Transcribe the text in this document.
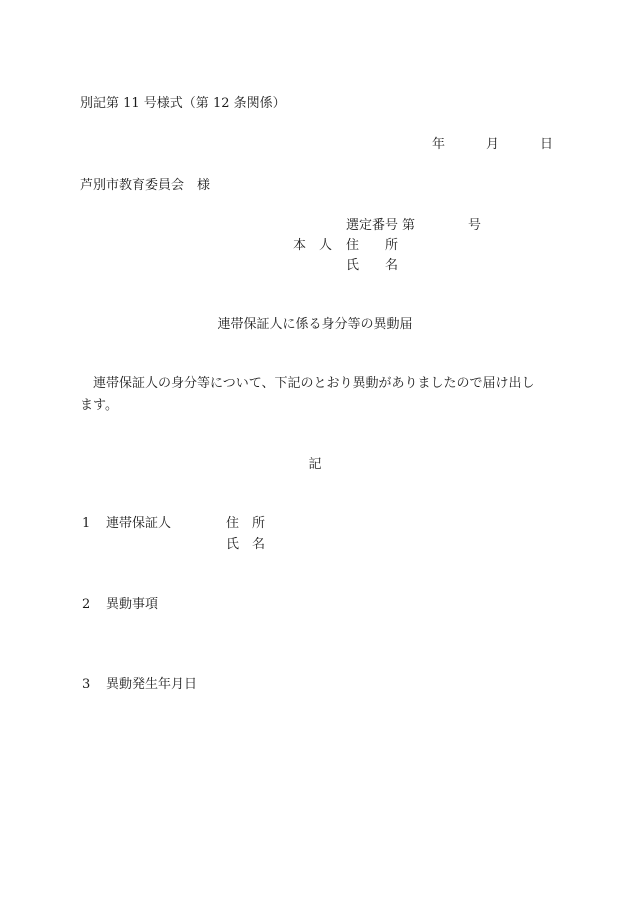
別記第 11 号様式（第 12 条関係）
年	月	日
芦別市教育委員会　様
選定番号 第	号
本　人 住　　所
氏　　名
連帯保証人に係る身分等の異動届
連帯保証人の身分等について、下記のとおり異動がありましたので届け出し
ます。
記
1 連帯保証人	住　所
氏　名
2 異動事項
3 異動発生年月日
